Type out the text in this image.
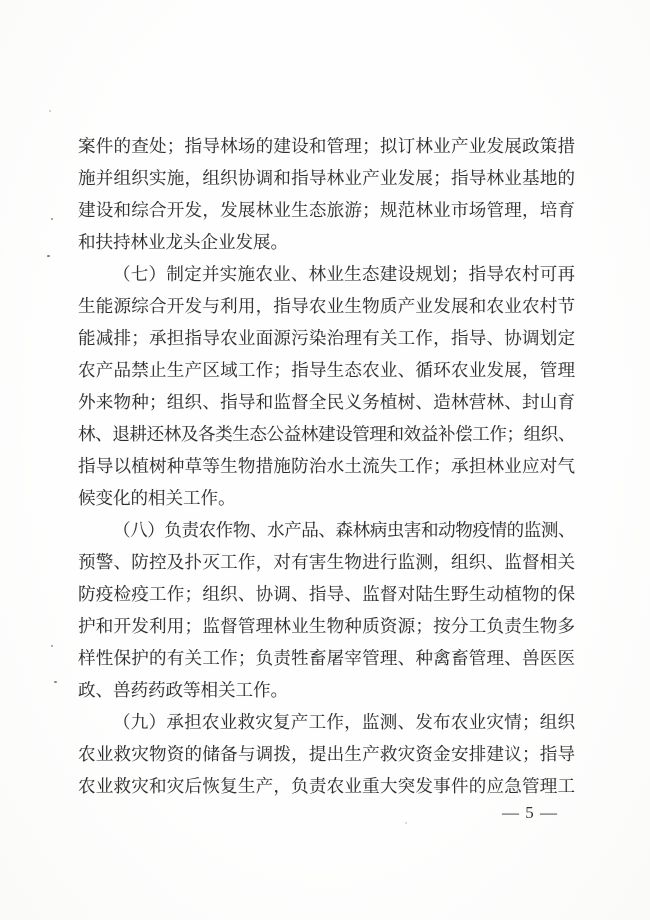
案件的查处；指导林场的建设和管理；拟订林业产业发展政策措
施并组织实施，组织协调和指导林业产业发展；指导林业基地的
建设和综合开发，发展林业生态旅游；规范林业市场管理，培育
和扶持林业龙头企业发展。
（七）制定并实施农业、林业生态建设规划；指导农村可再
生能源综合开发与利用，指导农业生物质产业发展和农业农村节
能减排；承担指导农业面源污染治理有关工作，指导、协调划定
农产品禁止生产区域工作；指导生态农业、循环农业发展，管理
外来物种；组织、指导和监督全民义务植树、造林营林、封山育
林、退耕还林及各类生态公益林建设管理和效益补偿工作；组织、
指导以植树种草等生物措施防治水土流失工作；承担林业应对气
候变化的相关工作。
（八）负责农作物、水产品、森林病虫害和动物疫情的监测、
预警、防控及扑灭工作，对有害生物进行监测，组织、监督相关
防疫检疫工作；组织、协调、指导、监督对陆生野生动植物的保
护和开发利用；监督管理林业生物种质资源；按分工负责生物多
样性保护的有关工作；负责牲畜屠宰管理、种禽畜管理、兽医医
政、兽药药政等相关工作。
（九）承担农业救灾复产工作，监测、发布农业灾情；组织
农业救灾物资的储备与调拨，提出生产救灾资金安排建议；指导
农业救灾和灾后恢复生产，负责农业重大突发事件的应急管理工
— 5 —
